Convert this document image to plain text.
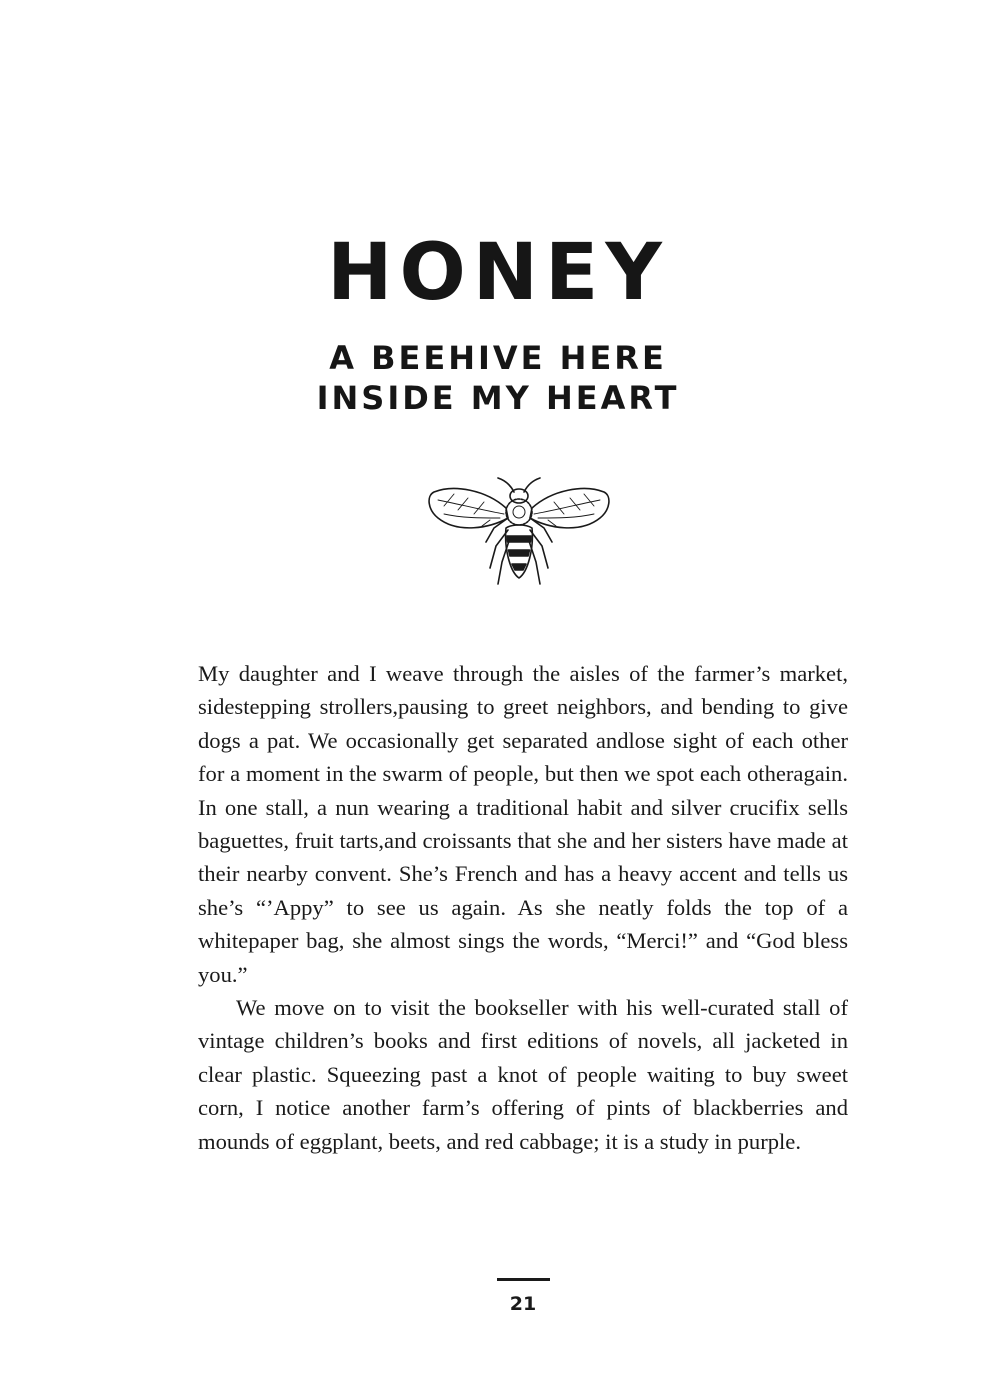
HONEY
A BEEHIVE HERE
INSIDE MY HEART

My daughter and I weave through the aisles of the farmer’s market, sidestepping strollers,pausing to greet neighbors, and bending to give dogs a pat. We occasionally get separated andlose sight of each other for a moment in the swarm of people, but then we spot each otheragain. In one stall, a nun wearing a traditional habit and silver crucifix sells baguettes, fruit tarts,and croissants that she and her sisters have made at their nearby convent. She’s French and has a heavy accent and tells us she’s “’Appy” to see us again. As she neatly folds the top of a whitepaper bag, she almost sings the words, “Merci!” and “God bless you.”

We move on to visit the bookseller with his well-curated stall of vintage children’s books and first editions of novels, all jacketed in clear plastic. Squeezing past a knot of people waiting to buy sweet corn, I notice another farm’s offering of pints of blackberries and mounds of eggplant, beets, and red cabbage; it is a study in purple.

21
